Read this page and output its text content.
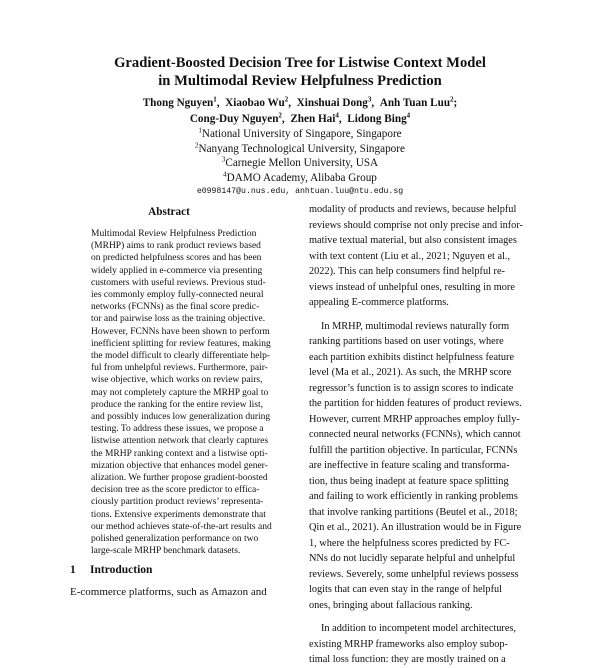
Gradient-Boosted Decision Tree for Listwise Context Model
in Multimodal Review Helpfulness Prediction
Thong Nguyen$^1$,  Xiaobao Wu$^2$,  Xinshuai Dong$^3$,  Anh Tuan Luu$^2$;
Cong-Duy Nguyen$^2$,  Zhen Hai$^4$,  Lidong Bing$^4$
$^1$National University of Singapore, Singapore
$^2$Nanyang Technological University, Singapore
$^3$Carnegie Mellon University, USA
$^4$DAMO Academy, Alibaba Group
e0998147@u.nus.edu, anhtuan.luu@ntu.edu.sg
Abstract
Multimodal Review Helpfulness Prediction
(MRHP) aims to rank product reviews based
on predicted helpfulness scores and has been
widely applied in e-commerce via presenting
customers with useful reviews. Previous stud-
ies commonly employ fully-connected neural
networks (FCNNs) as the final score predic-
tor and pairwise loss as the training objective.
However, FCNNs have been shown to perform
inefficient splitting for review features, making
the model difficult to clearly differentiate help-
ful from unhelpful reviews. Furthermore, pair-
wise objective, which works on review pairs,
may not completely capture the MRHP goal to
produce the ranking for the entire review list,
and possibly induces low generalization during
testing. To address these issues, we propose a
listwise attention network that clearly captures
the MRHP ranking context and a listwise opti-
mization objective that enhances model gener-
alization. We further propose gradient-boosted
decision tree as the score predictor to effica-
ciously partition product reviews’ representa-
tions. Extensive experiments demonstrate that
our method achieves state-of-the-art results and
polished generalization performance on two
large-scale MRHP benchmark datasets.
1 Introduction
E-commerce platforms, such as Amazon and
modality of products and reviews, because helpful
reviews should comprise not only precise and infor-
mative textual material, but also consistent images
with text content (Liu et al., 2021; Nguyen et al.,
2022). This can help consumers find helpful re-
views instead of unhelpful ones, resulting in more
appealing E-commerce platforms.
In MRHP, multimodal reviews naturally form
ranking partitions based on user votings, where
each partition exhibits distinct helpfulness feature
level (Ma et al., 2021). As such, the MRHP score
regressor’s function is to assign scores to indicate
the partition for hidden features of product reviews.
However, current MRHP approaches employ fully-
connected neural networks (FCNNs), which cannot
fulfill the partition objective. In particular, FCNNs
are ineffective in feature scaling and transforma-
tion, thus being inadept at feature space splitting
and failing to work efficiently in ranking problems
that involve ranking partitions (Beutel et al., 2018;
Qin et al., 2021). An illustration would be in Figure
1, where the helpfulness scores predicted by FC-
NNs do not lucidly separate helpful and unhelpful
reviews. Severely, some unhelpful reviews possess
logits that can even stay in the range of helpful
ones, bringing about fallacious ranking.
In addition to incompetent model architectures,
existing MRHP frameworks also employ subop-
timal loss function: they are mostly trained on a
